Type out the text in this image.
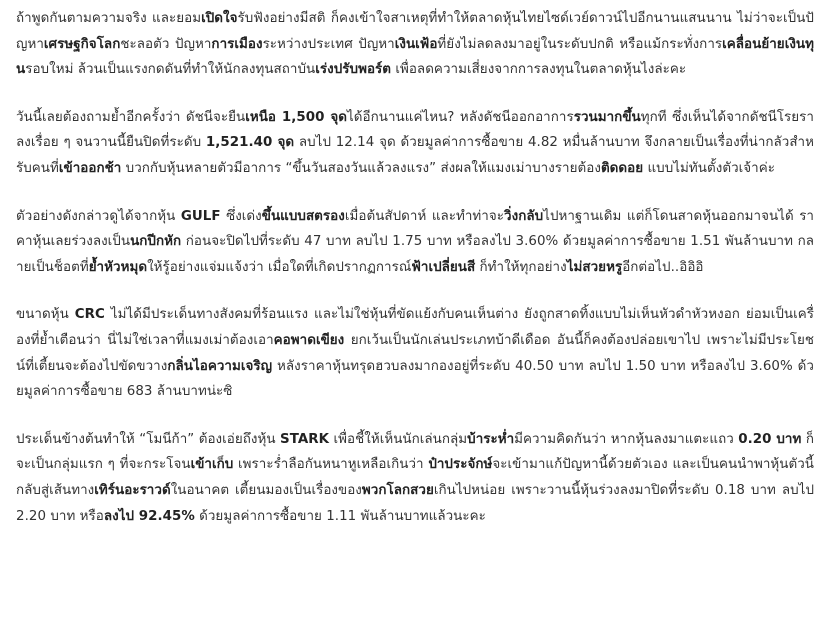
ถ้าพูดกันตามความจริง และยอมเปิดใจรับฟังอย่างมีสติ ก็คงเข้าใจสาเหตุที่ทำให้ตลาดหุ้นไทยไซด์เวย์ดาวน์ไปอีกนานแสนนาน ไม่ว่าจะเป็นปัญหาเศรษฐกิจโลกชะลอตัว ปัญหาการเมืองระหว่างประเทศ ปัญหาเงินเฟ้อที่ยังไม่ลดลงมาอยู่ในระดับปกติ หรือแม้กระทั่งการเคลื่อนย้ายเงินทุนรอบใหม่ ล้วนเป็นแรงกดดันที่ทำให้นักลงทุนสถาบันเร่งปรับพอร์ต เพื่อลดความเสี่ยงจากการลงทุนในตลาดหุ้นไงล่ะคะ

วันนี้เลยต้องถามย้ำอีกครั้งว่า ดัชนีจะยืนเหนือ 1,500 จุดได้อีกนานแค่ไหน? หลังดัชนีออกอาการรวนมากขึ้นทุกที ซึ่งเห็นได้จากดัชนีโรยราลงเรื่อย ๆ จนวานนี้ยืนปิดที่ระดับ 1,521.40 จุด ลบไป 12.14 จุด ด้วยมูลค่าการซื้อขาย 4.82 หมื่นล้านบาท จึงกลายเป็นเรื่องที่น่ากลัวสำหรับคนที่เข้าออกช้า บวกกับหุ้นหลายตัวมีอาการ “ขึ้นวันสองวันแล้วลงแรง” ส่งผลให้แมงเม่าบางรายต้องติดดอย แบบไม่ทันตั้งตัวเจ้าค่ะ

ตัวอย่างดังกล่าวดูได้จากหุ้น GULF ซึ่งเด่งขึ้นแบบสตรองเมื่อต้นสัปดาห์ และทำท่าจะวิ่งกลับไปหาฐานเดิม แต่ก็โดนสาดหุ้นออกมาจนได้ ราคาหุ้นเลยร่วงลงเป็นนกปีกหัก ก่อนจะปิดไปที่ระดับ 47 บาท ลบไป 1.75 บาท หรือลงไป 3.60% ด้วยมูลค่าการซื้อขาย 1.51 พันล้านบาท กลายเป็นช็อตที่ย้ำหัวหมุดให้รู้อย่างแจ่มแจ้งว่า เมื่อใดที่เกิดปรากฏการณ์ฟ้าเปลี่ยนสี ก็ทำให้ทุกอย่างไม่สวยหรูอีกต่อไป..อิอิอิ

ขนาดหุ้น CRC ไม่ได้มีประเด็นทางสังคมที่ร้อนแรง และไม่ใช่หุ้นที่ขัดแย้งกับคนเห็นต่าง ยังถูกสาดทิ้งแบบไม่เห็นหัวดำหัวหงอก ย่อมเป็นเครื่องที่ย้ำเตือนว่า นี่ไม่ใช่เวลาที่แมงเม่าต้องเอาคอพาดเขียง ยกเว้นเป็นนักเล่นประเภทบ้าดีเดือด อันนี้ก็คงต้องปล่อยเขาไป เพราะไม่มีประโยชน์ที่เตี้ยนจะต้องไปขัดขวางกลิ่นไอความเจริญ หลังราคาหุ้นทรุดฮวบลงมากองอยู่ที่ระดับ 40.50 บาท ลบไป 1.50 บาท หรือลงไป 3.60% ด้วยมูลค่าการซื้อขาย 683 ล้านบาทน่ะซิ

ประเด็นข้างต้นทำให้ “โมนีก้า” ต้องเอ่ยถึงหุ้น STARK เพื่อชี้ให้เห็นนักเล่นกลุ่มบ้าระห่ำมีความคิดกันว่า หากหุ้นลงมาแตะแถว 0.20 บาท ก็จะเป็นกลุ่มแรก ๆ ที่จะกระโจนเข้าเก็บ เพราะร่ำลือกันหนาหูเหลือเกินว่า ป๋าประจักษ์จะเข้ามาแก้ปัญหานี้ด้วยตัวเอง และเป็นคนนำพาหุ้นตัวนี้กลับสู่เส้นทางเทิร์นอะราวด์ในอนาคต เตี้ยนมองเป็นเรื่องของพวกโลกสวยเกินไปหน่อย เพราะวานนี้หุ้นร่วงลงมาปิดที่ระดับ 0.18 บาท ลบไป 2.20 บาท หรือลงไป 92.45% ด้วยมูลค่าการซื้อขาย 1.11 พันล้านบาทแล้วนะคะ
